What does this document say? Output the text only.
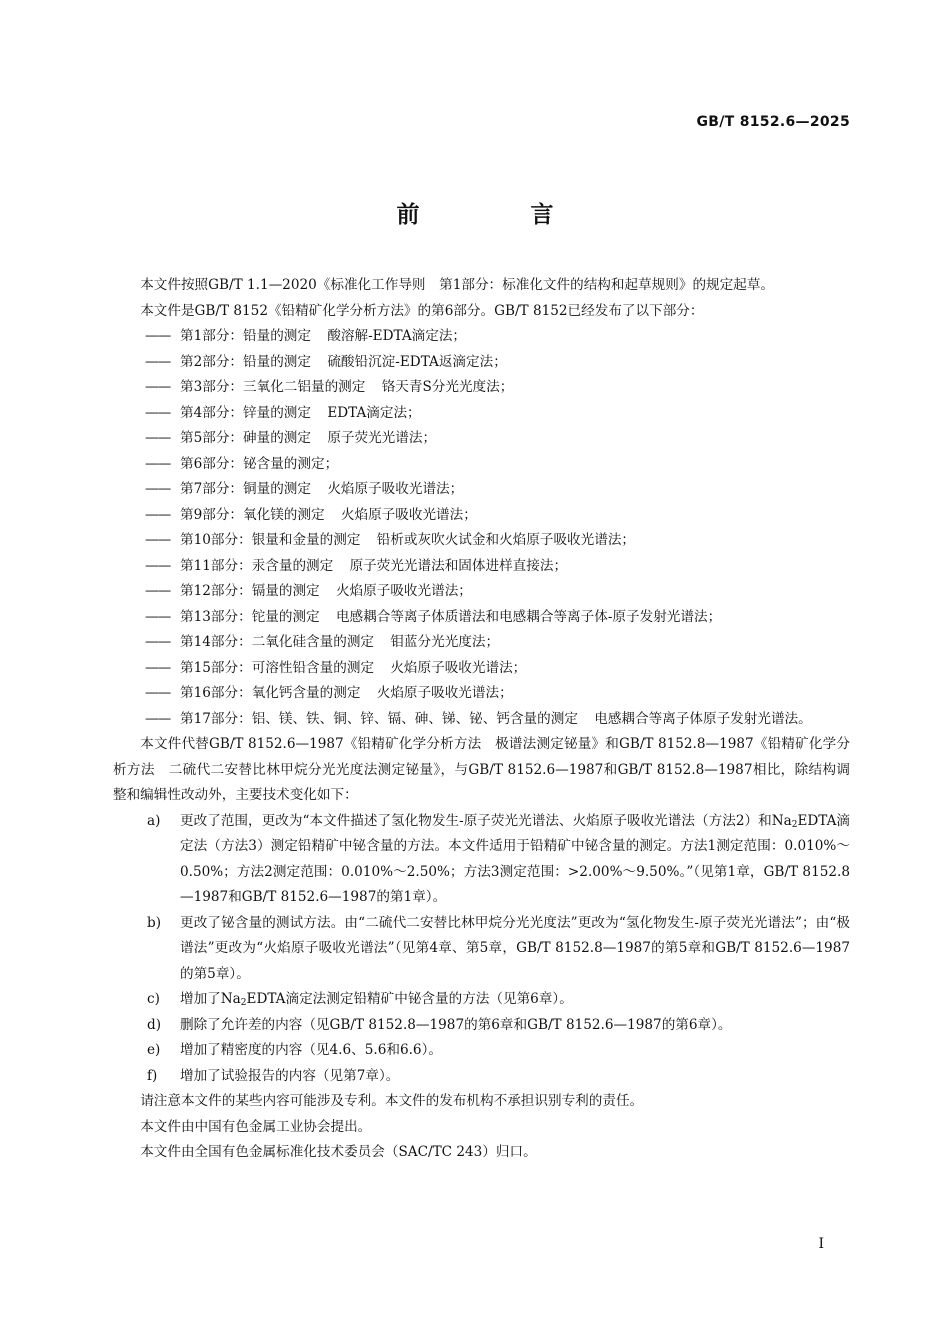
GB/T 8152.6—2025
前　言

本文件按照GB/T 1.1—2020《标准化工作导则　第1部分：标准化文件的结构和起草规则》的规定起草。

本文件是GB/T 8152《铅精矿化学分析方法》的第6部分。GB/T 8152已经发布了以下部分：

—— 第1部分：铅量的测定 酸溶解-EDTA滴定法；

—— 第2部分：铅量的测定 硫酸铅沉淀-EDTA返滴定法；

—— 第3部分：三氧化二铝量的测定 铬天青S分光光度法；

—— 第4部分：锌量的测定 EDTA滴定法；

—— 第5部分：砷量的测定 原子荧光光谱法；

—— 第6部分：铋含量的测定；

—— 第7部分：铜量的测定 火焰原子吸收光谱法；

—— 第9部分：氧化镁的测定 火焰原子吸收光谱法；

—— 第10部分：银量和金量的测定 铅析或灰吹火试金和火焰原子吸收光谱法；

—— 第11部分：汞含量的测定 原子荧光光谱法和固体进样直接法；

—— 第12部分：镉量的测定 火焰原子吸收光谱法；

—— 第13部分：铊量的测定 电感耦合等离子体质谱法和电感耦合等离子体-原子发射光谱法；

—— 第14部分：二氧化硅含量的测定 钼蓝分光光度法；

—— 第15部分：可溶性铅含量的测定 火焰原子吸收光谱法；

—— 第16部分：氧化钙含量的测定 火焰原子吸收光谱法；

—— 第17部分：铝、镁、铁、铜、锌、镉、砷、锑、铋、钙含量的测定 电感耦合等离子体原子发射光谱法。

本文件代替GB/T 8152.6—1987《铅精矿化学分析方法　极谱法测定铋量》和GB/T 8152.8—1987《铅精矿化学分析方法　二硫代二安替比林甲烷分光光度法测定铋量》，与GB/T 8152.6—1987和GB/T 8152.8—1987相比，除结构调整和编辑性改动外，主要技术变化如下：

a) 更改了范围，更改为“本文件描述了氢化物发生-原子荧光光谱法、火焰原子吸收光谱法（方法2）和$Na_2EDTA$滴定法（方法3）测定铅精矿中铋含量的方法。本文件适用于铅精矿中铋含量的测定。方法1测定范围：0.010%～0.50%；方法2测定范围：0.010%～2.50%；方法3测定范围：>2.00%～9.50%。”（见第1章，GB/T 8152.8—1987和GB/T 8152.6—1987的第1章）。

b) 更改了铋含量的测试方法。由“二硫代二安替比林甲烷分光光度法”更改为“氢化物发生-原子荧光光谱法”；由“极谱法”更改为“火焰原子吸收光谱法”（见第4章、第5章，GB/T 8152.8—1987的第5章和GB/T 8152.6—1987的第5章）。

c) 增加了$Na_2EDTA$滴定法测定铅精矿中铋含量的方法（见第6章）。

d) 删除了允许差的内容（见GB/T 8152.8—1987的第6章和GB/T 8152.6—1987的第6章）。

e) 增加了精密度的内容（见4.6、5.6和6.6）。

f) 增加了试验报告的内容（见第7章）。

请注意本文件的某些内容可能涉及专利。本文件的发布机构不承担识别专利的责任。

本文件由中国有色金属工业协会提出。

本文件由全国有色金属标准化技术委员会（SAC/TC 243）归口。

I
